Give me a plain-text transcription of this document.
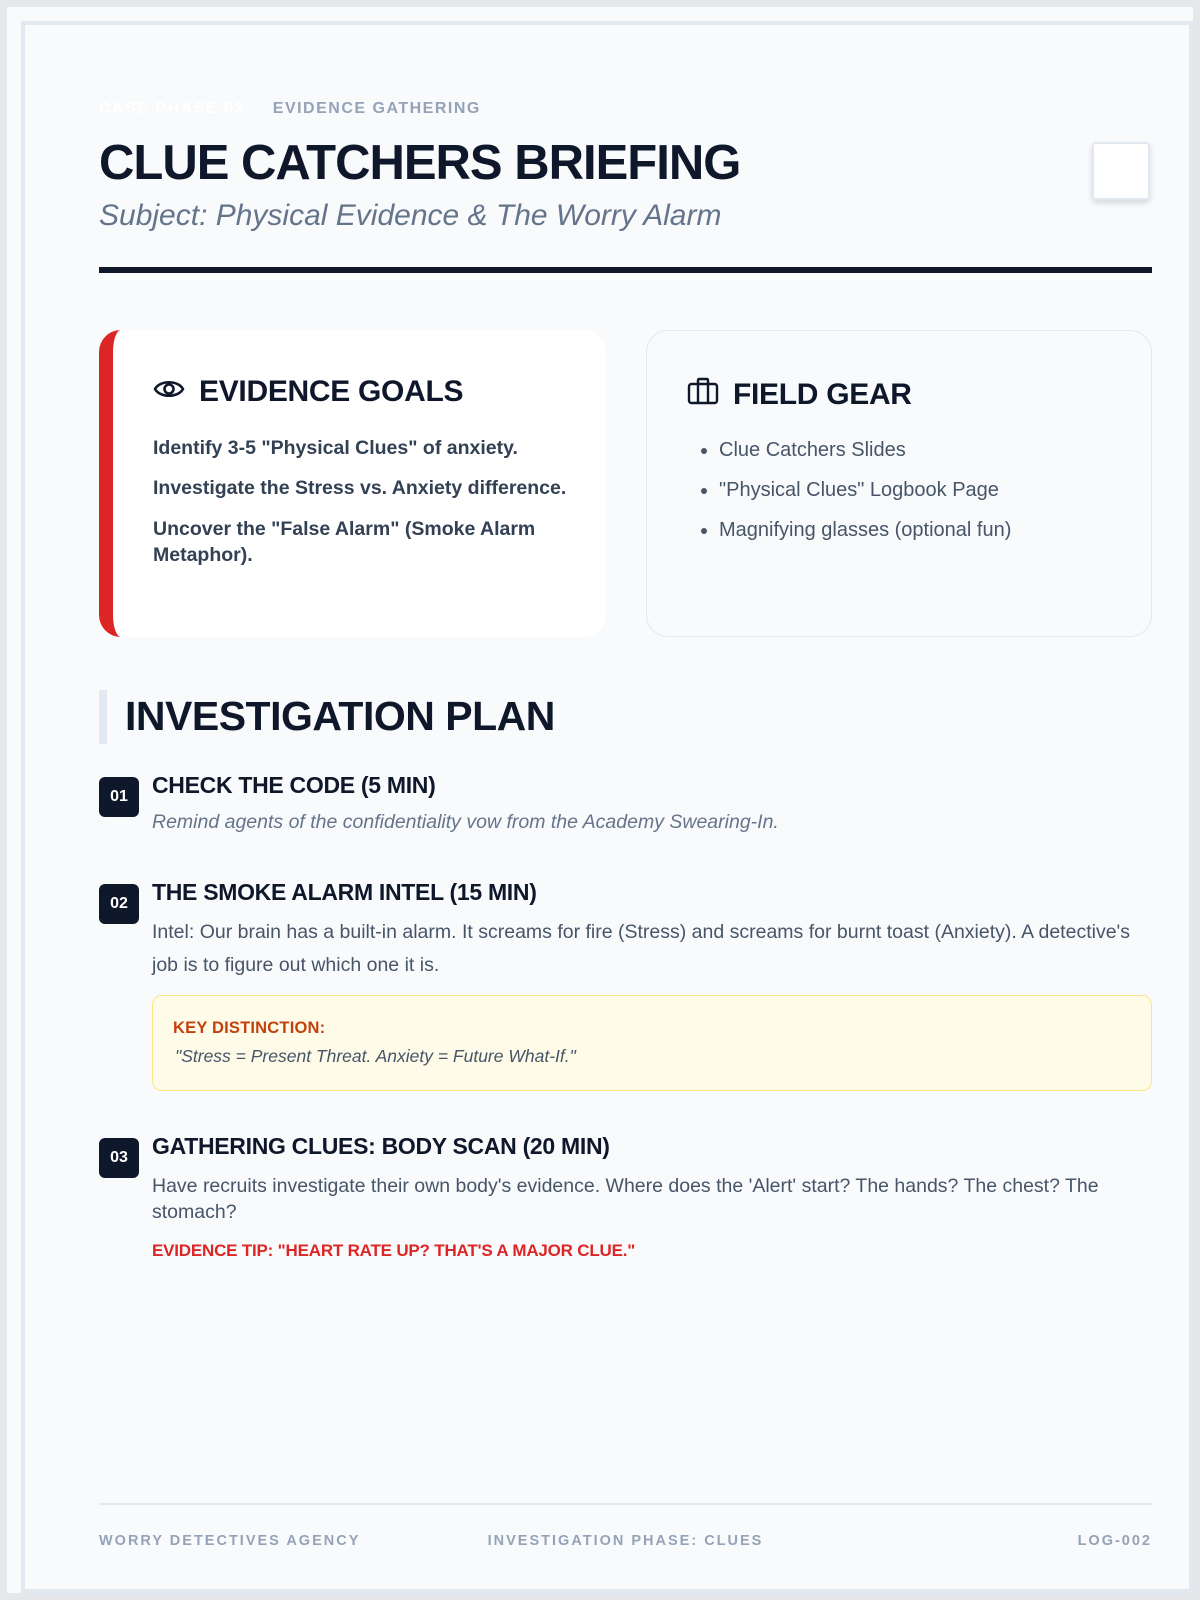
CASE PHASE 02 EVIDENCE GATHERING
CLUE CATCHERS BRIEFING
Subject: Physical Evidence & The Worry Alarm
EVIDENCE GOALS
Identify 3-5 "Physical Clues" of anxiety.
Investigate the Stress vs. Anxiety difference.
Uncover the "False Alarm" (Smoke Alarm Metaphor).
FIELD GEAR
• Clue Catchers Slides
• "Physical Clues" Logbook Page
• Magnifying glasses (optional fun)
INVESTIGATION PLAN
01	CHECK THE CODE (5 MIN)
Remind agents of the confidentiality vow from the Academy Swearing-In.
02	THE SMOKE ALARM INTEL (15 MIN)
Intel: Our brain has a built-in alarm. It screams for fire (Stress) and screams for burnt toast (Anxiety). A detective's job is to figure out which one it is.
KEY DISTINCTION:
"Stress = Present Threat. Anxiety = Future What-If."
03	GATHERING CLUES: BODY SCAN (20 MIN)
Have recruits investigate their own body's evidence. Where does the 'Alert' start? The hands? The chest? The stomach?
EVIDENCE TIP: "HEART RATE UP? THAT'S A MAJOR CLUE."
WORRY DETECTIVES AGENCY	INVESTIGATION PHASE: CLUES	LOG-002
